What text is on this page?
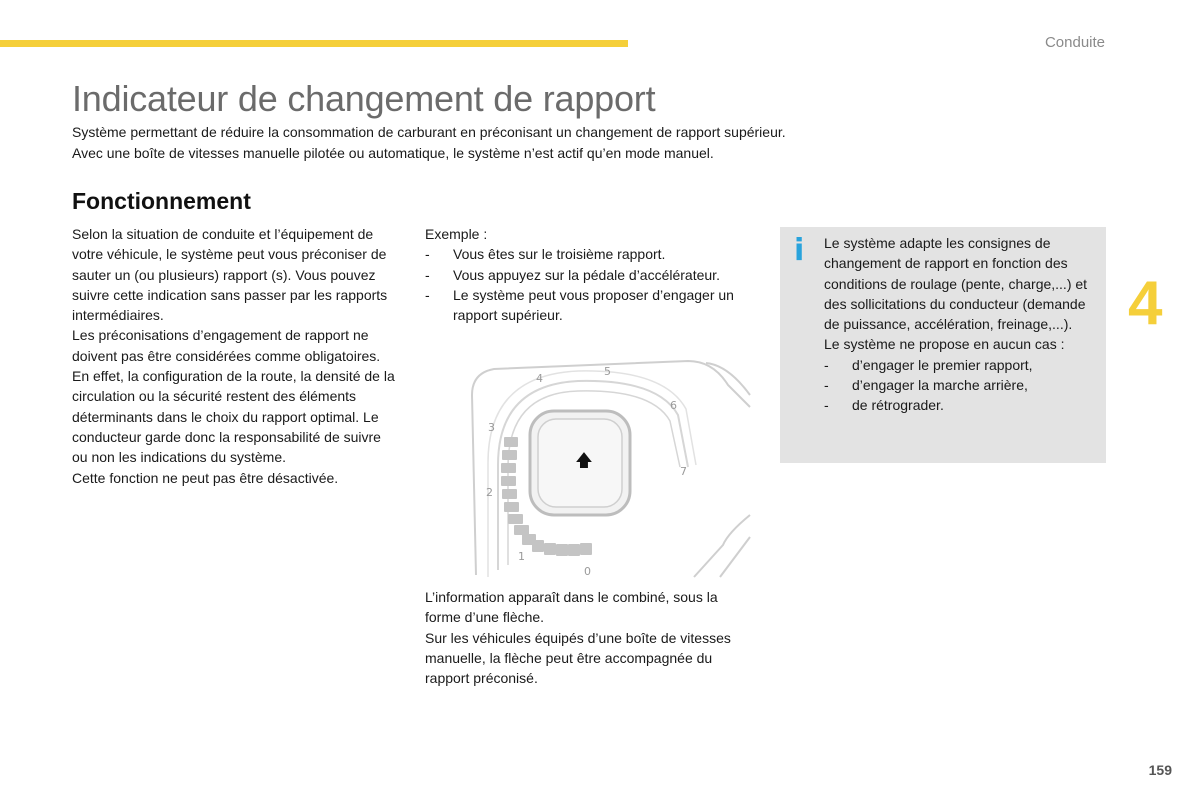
Conduite
Indicateur de changement de rapport

Système permettant de réduire la consommation de carburant en préconisant un changement de rapport supérieur.

Avec une boîte de vitesses manuelle pilotée ou automatique, le système n’est actif qu’en mode manuel.

Fonctionnement

Selon la situation de conduite et l’équipement de votre véhicule, le système peut vous préconiser de sauter un (ou plusieurs) rapport (s). Vous pouvez suivre cette indication sans passer par les rapports intermédiaires.

Les préconisations d’engagement de rapport ne doivent pas être considérées comme obligatoires. En effet, la configuration de la route, la densité de la circulation ou la sécurité restent des éléments déterminants dans le choix du rapport optimal. Le conducteur garde donc la responsabilité de suivre ou non les indications du système.

Cette fonction ne peut pas être désactivée.

Exemple :

- Vous êtes sur le troisième rapport.
- Vous appuyez sur la pédale d’accélérateur.
- Le système peut vous proposer d’engager un rapport supérieur.
🡅
0
1
2
3
4
5
6
7

L’information apparaît dans le combiné, sous la forme d’une flèche.

Sur les véhicules équipés d’une boîte de vitesses manuelle, la flèche peut être accompagnée du rapport préconisé.

i Le système adapte les consignes de changement de rapport en fonction des conditions de roulage (pente, charge,...) et des sollicitations du conducteur (demande de puissance, accélération, freinage,...).

Le système ne propose en aucun cas :

- d’engager le premier rapport,
- d’engager la marche arrière,
- de rétrograder.
4
159
